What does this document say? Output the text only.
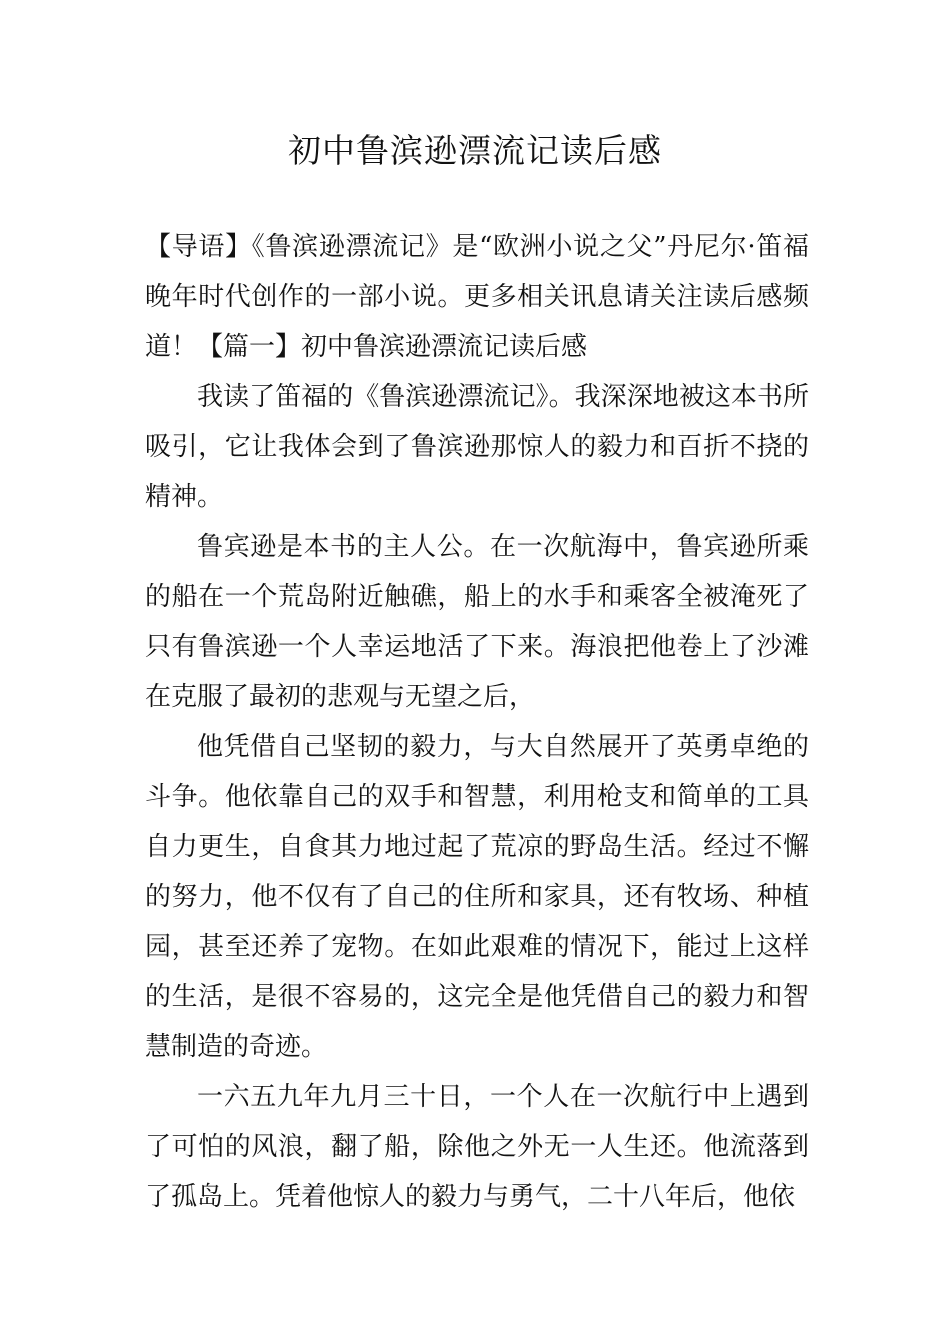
初中鲁滨逊漂流记读后感

【导语】《鲁滨逊漂流记》是“欧洲小说之父”丹尼尔·笛福晚年时代创作的一部小说。更多相关讯息请关注读后感频道！【篇一】初中鲁滨逊漂流记读后感

我读了笛福的《鲁滨逊漂流记》。我深深地被这本书所吸引，它让我体会到了鲁滨逊那惊人的毅力和百折不挠的精神。

鲁宾逊是本书的主人公。在一次航海中，鲁宾逊所乘的船在一个荒岛附近触礁，船上的水手和乘客全被淹死了只有鲁滨逊一个人幸运地活了下来。海浪把他卷上了沙滩在克服了最初的悲观与无望之后，

他凭借自己坚韧的毅力，与大自然展开了英勇卓绝的斗争。他依靠自己的双手和智慧，利用枪支和简单的工具自力更生，自食其力地过起了荒凉的野岛生活。经过不懈的努力，他不仅有了自己的住所和家具，还有牧场、种植园，甚至还养了宠物。在如此艰难的情况下，能过上这样的生活，是很不容易的，这完全是他凭借自己的毅力和智慧制造的奇迹。

一六五九年九月三十日，一个人在一次航行中上遇到了可怕的风浪，翻了船，除他之外无一人生还。他流落到了孤岛上。凭着他惊人的毅力与勇气，二十八年后，他依
